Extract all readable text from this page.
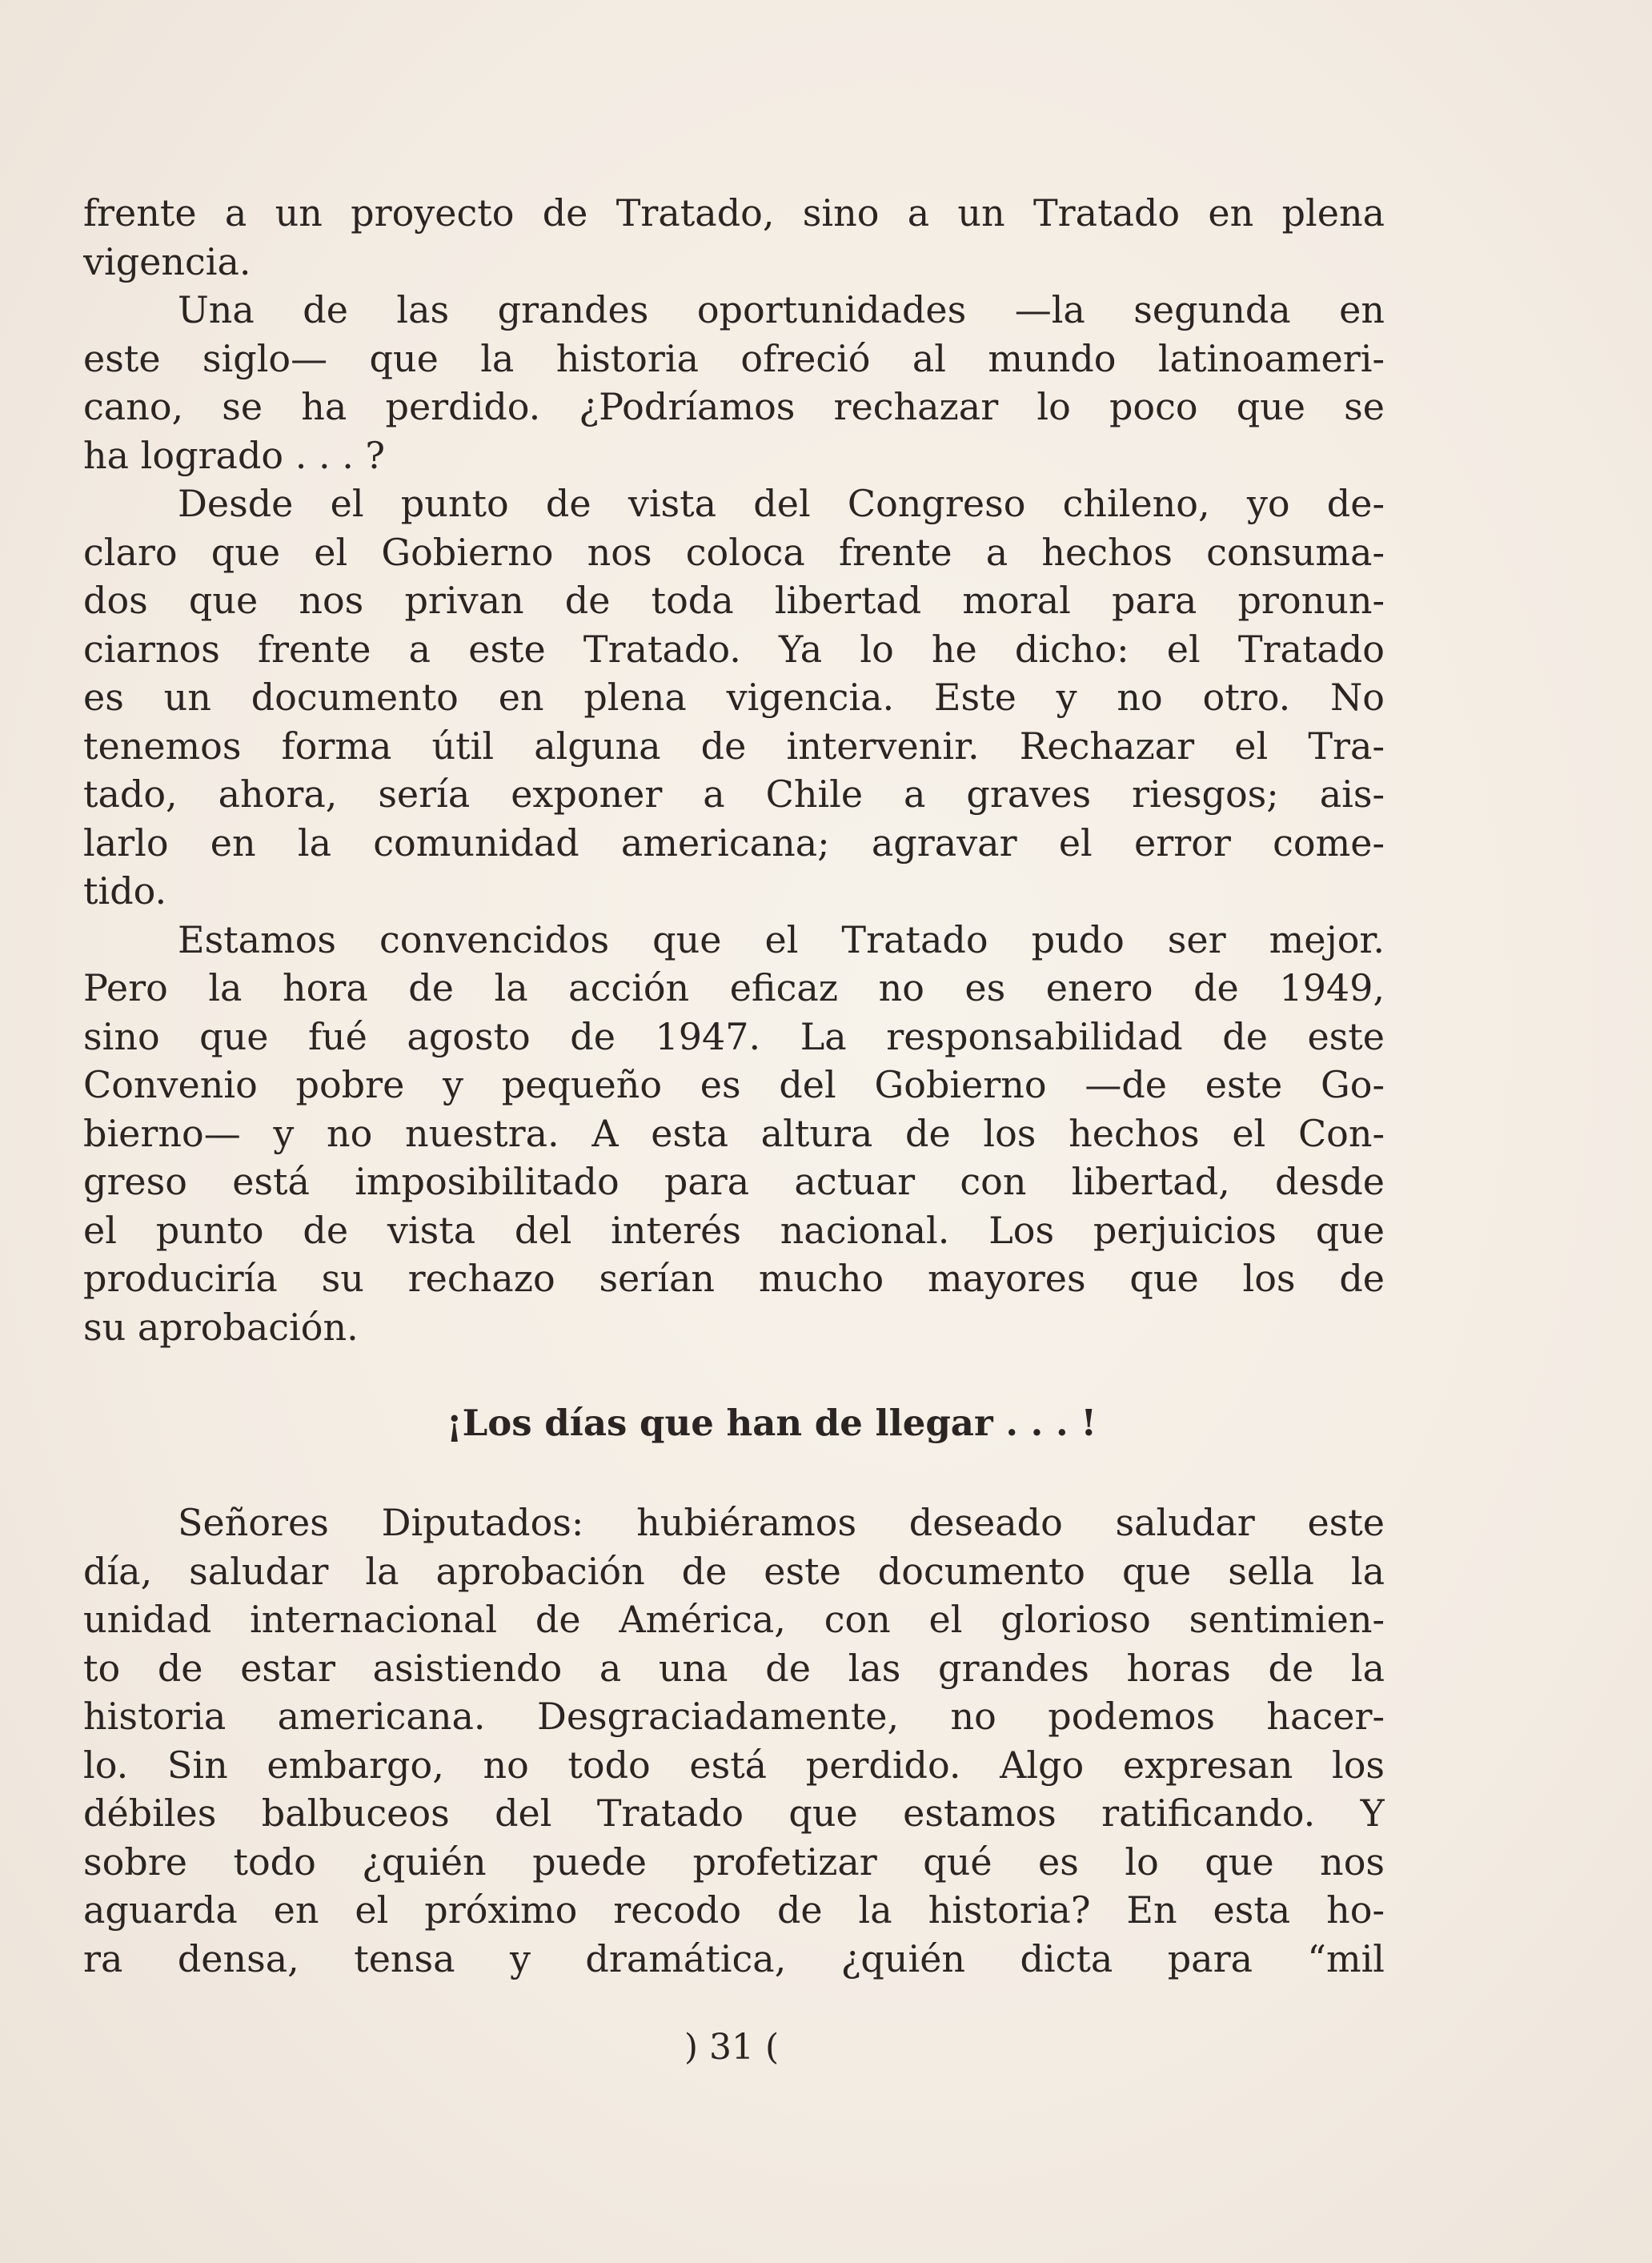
frente a un proyecto de Tratado, sino a un Tratado en plena
vigencia.
Una de las grandes oportunidades —la segunda en
este siglo— que la historia ofreció al mundo latinoameri-
cano, se ha perdido. ¿Podríamos rechazar lo poco que se
ha logrado . . . ?
Desde el punto de vista del Congreso chileno, yo de-
claro que el Gobierno nos coloca frente a hechos consuma-
dos que nos privan de toda libertad moral para pronun-
ciarnos frente a este Tratado. Ya lo he dicho: el Tratado
es un documento en plena vigencia. Este y no otro. No
tenemos forma útil alguna de intervenir. Rechazar el Tra-
tado, ahora, sería exponer a Chile a graves riesgos; ais-
larlo en la comunidad americana; agravar el error come-
tido.
Estamos convencidos que el Tratado pudo ser mejor.
Pero la hora de la acción eficaz no es enero de 1949,
sino que fué agosto de 1947. La responsabilidad de este
Convenio pobre y pequeño es del Gobierno —de este Go-
bierno— y no nuestra. A esta altura de los hechos el Con-
greso está imposibilitado para actuar con libertad, desde
el punto de vista del interés nacional. Los perjuicios que
produciría su rechazo serían mucho mayores que los de
su aprobación.
¡Los días que han de llegar . . . !
Señores Diputados: hubiéramos deseado saludar este
día, saludar la aprobación de este documento que sella la
unidad internacional de América, con el glorioso sentimien-
to de estar asistiendo a una de las grandes horas de la
historia americana. Desgraciadamente, no podemos hacer-
lo. Sin embargo, no todo está perdido. Algo expresan los
débiles balbuceos del Tratado que estamos ratificando. Y
sobre todo ¿quién puede profetizar qué es lo que nos
aguarda en el próximo recodo de la historia? En esta ho-
ra densa, tensa y dramática, ¿quién dicta para “mil
) 31 (
